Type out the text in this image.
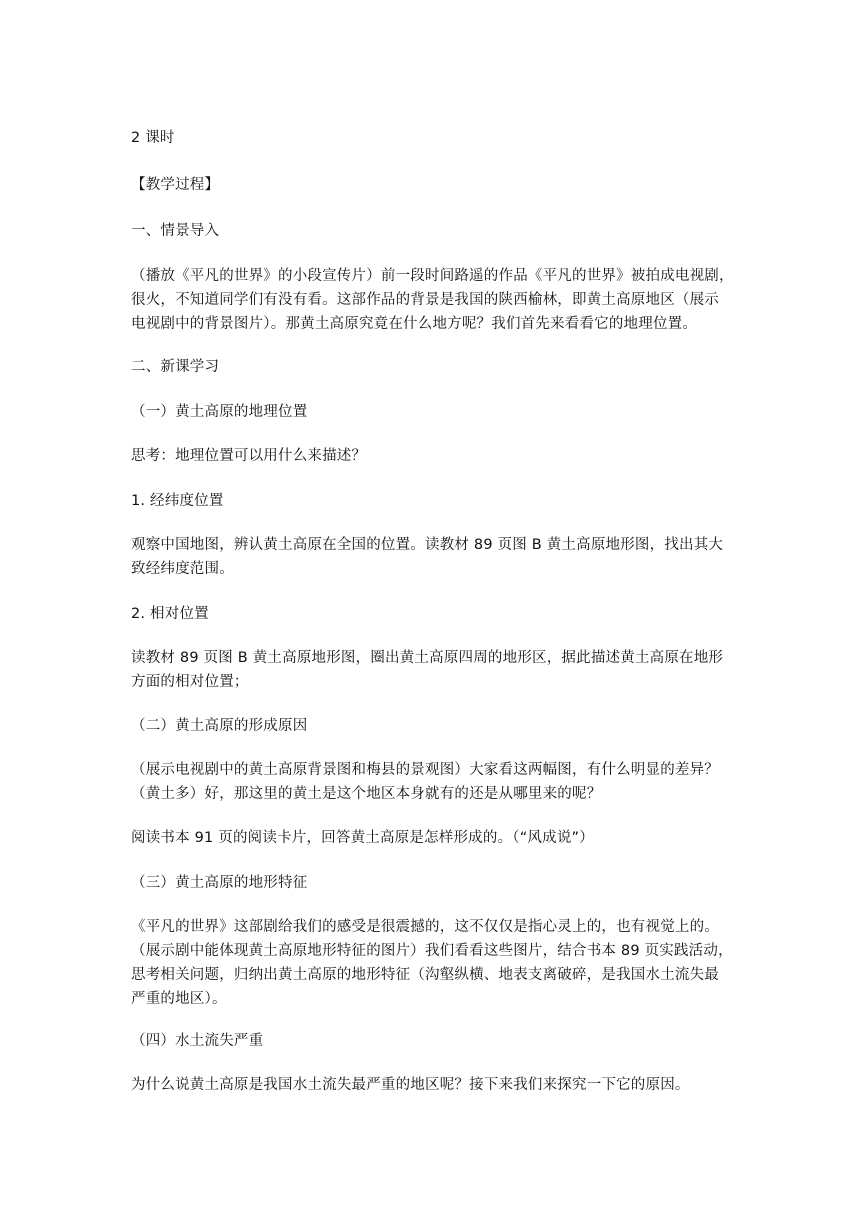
2 课时

【教学过程】

一、情景导入

（播放《平凡的世界》的小段宣传片）前一段时间路遥的作品《平凡的世界》被拍成电视剧，
很火，不知道同学们有没有看。这部作品的背景是我国的陕西榆林，即黄土高原地区（展示
电视剧中的背景图片）。那黄土高原究竟在什么地方呢？我们首先来看看它的地理位置。

二、新课学习

（一）黄土高原的地理位置

思考：地理位置可以用什么来描述？

1. 经纬度位置

观察中国地图，辨认黄土高原在全国的位置。读教材 89 页图 B 黄土高原地形图，找出其大
致经纬度范围。

2. 相对位置

读教材 89 页图 B 黄土高原地形图，圈出黄土高原四周的地形区，据此描述黄土高原在地形
方面的相对位置；

（二）黄土高原的形成原因

（展示电视剧中的黄土高原背景图和梅县的景观图）大家看这两幅图，有什么明显的差异？
（黄土多）好，那这里的黄土是这个地区本身就有的还是从哪里来的呢？

阅读书本 91 页的阅读卡片，回答黄土高原是怎样形成的。（“风成说”）

（三）黄土高原的地形特征

《平凡的世界》这部剧给我们的感受是很震撼的，这不仅仅是指心灵上的，也有视觉上的。
（展示剧中能体现黄土高原地形特征的图片）我们看看这些图片，结合书本 89 页实践活动，
思考相关问题，归纳出黄土高原的地形特征（沟壑纵横、地表支离破碎，是我国水土流失最
严重的地区）。

（四）水土流失严重

为什么说黄土高原是我国水土流失最严重的地区呢？接下来我们来探究一下它的原因。
